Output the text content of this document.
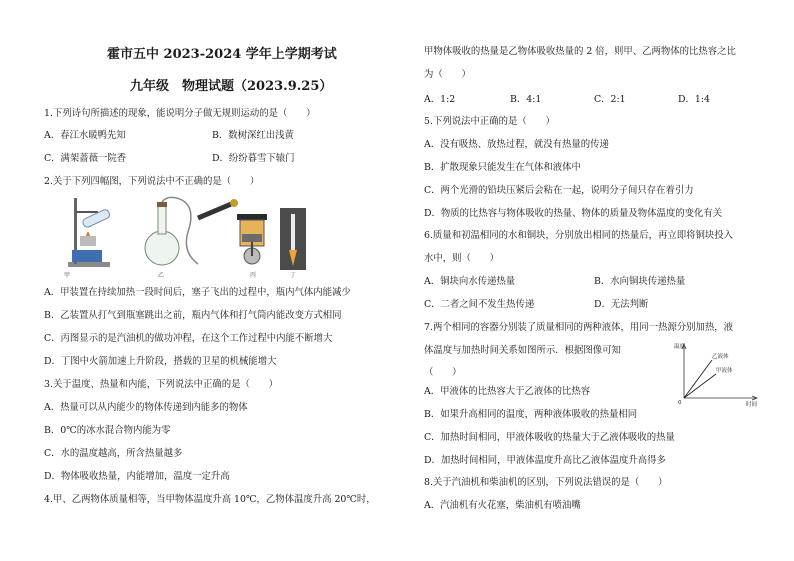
霍市五中 2023-2024 学年上学期考试
九年级　物理试题（2023.9.25）
1.下列诗句所描述的现象，能说明分子做无规则运动的是（　　）
A．春江水暖鸭先知	B．数树深红出浅黄
C．满架蔷薇一院香	D．纷纷暮雪下辕门
2.关于下列四幅图，下列说法中不正确的是（　　）
甲	乙	丙	丁
A．甲装置在持续加热一段时间后，塞子飞出的过程中，瓶内气体内能减少
B．乙装置从打气到瓶塞跳出之前，瓶内气体和打气筒内能改变方式相同
C．丙图显示的是汽油机的做功冲程，在这个工作过程中内能不断增大
D．丁图中火箭加速上升阶段，搭载的卫星的机械能增大
3.关于温度、热量和内能，下列说法中正确的是（　　）
A．热量可以从内能少的物体传递到内能多的物体
B．0℃的冰水混合物内能为零
C．水的温度越高，所含热量越多
D．物体吸收热量，内能增加，温度一定升高
4.甲、乙两物体质量相等，当甲物体温度升高 10℃，乙物体温度升高 20℃时，
甲物体吸收的热量是乙物体吸收热量的 2 倍，则甲、乙两物体的比热容之比
为（　　）
A．1:2	B．4:1	C．2:1	D．1:4
5.下列说法中正确的是（　　）
A．没有吸热、放热过程，就没有热量的传递
B．扩散现象只能发生在气体和液体中
C．两个光滑的铅块压紧后会粘在一起，说明分子间只存在着引力
D．物质的比热容与物体吸收的热量、物体的质量及物体温度的变化有关
6.质量和初温相同的水和铜块，分别放出相同的热量后，再立即将铜块投入
水中，则（　　）
A．铜块向水传递热量	B．水向铜块传递热量
C．二者之间不发生热传递	D．无法判断
7.两个相同的容器分别装了质量相同的两种液体，用同一热源分别加热，液
体温度与加热时间关系如图所示．根据图像可知
（　　）
温度
时间
0
乙液体
甲液体
A．甲液体的比热容大于乙液体的比热容
B．如果升高相同的温度，两种液体吸收的热量相同
C．加热时间相同，甲液体吸收的热量大于乙液体吸收的热量
D．加热时间相同，甲液体温度升高比乙液体温度升高得多
8.关于汽油机和柴油机的区别，下列说法错误的是（　　）
A．汽油机有火花塞，柴油机有喷油嘴
